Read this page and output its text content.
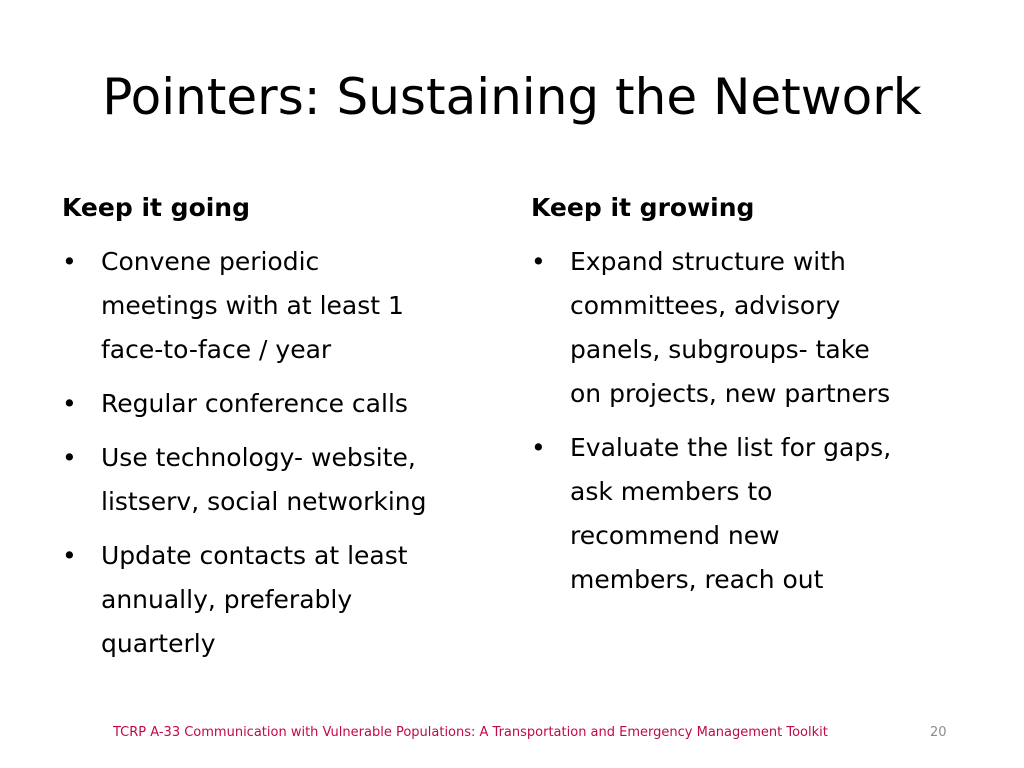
Pointers: Sustaining the Network
Keep it going
• Convene periodic
meetings with at least 1
face-to-face / year
• Regular conference calls
• Use technology- website,
listserv, social networking
• Update contacts at least
annually, preferably
quarterly
Keep it growing
• Expand structure with
committees, advisory
panels, subgroups- take
on projects, new partners
• Evaluate the list for gaps,
ask members to
recommend new
members, reach out
TCRP A-33 Communication with Vulnerable Populations: A Transportation and Emergency Management Toolkit	20
